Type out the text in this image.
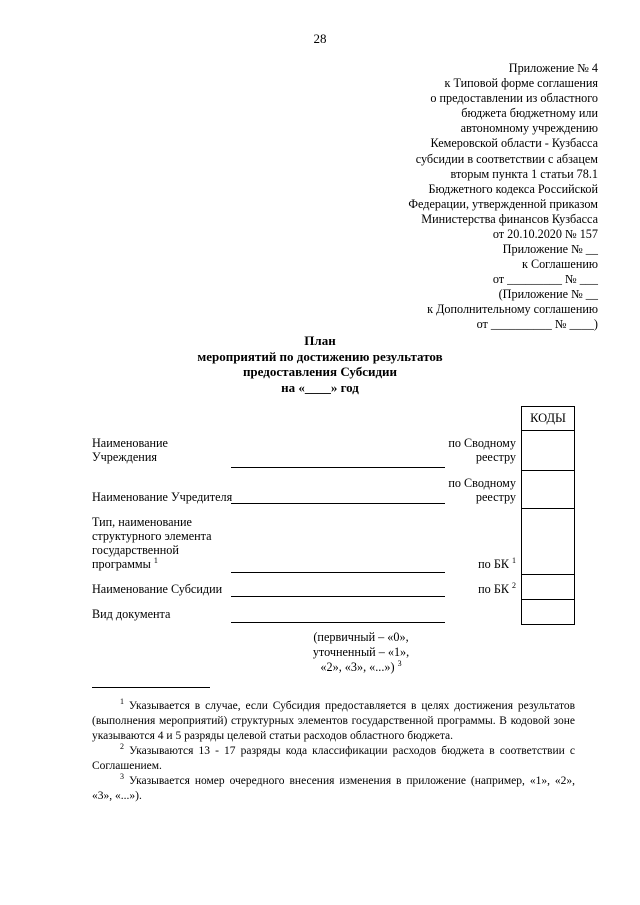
28
Приложение № 4
к Типовой форме соглашения
о предоставлении из областного
бюджета бюджетному или
автономному учреждению
Кемеровской области - Кузбасса
субсидии в соответствии с абзацем
вторым пункта 1 статьи 78.1
Бюджетного кодекса Российской
Федерации, утвержденной приказом
Министерства финансов Кузбасса
от 20.10.2020 № 157
Приложение № __
к Соглашению
от _________ № ___
(Приложение № __
к Дополнительному соглашению
от __________ № ____)
План
мероприятий по достижению результатов
предоставления Субсидии
на «____» год
КОДЫ
Наименование
Учреждения
по Сводному
реестру
Наименование Учредителя
по Сводному
реестру
Тип, наименование
структурного элемента
государственной
программы $^1$	по БК $^1$
Наименование Субсидии	по БК $^2$
Вид документа
(первичный – «0», уточненный – «1»,
«2», «3», «...») $^3$
$^1$ Указывается в случае, если Субсидия предоставляется в целях достижения результатов (выполнения мероприятий) структурных элементов государственной программы. В кодовой зоне указываются 4 и 5 разряды целевой статьи расходов областного бюджета.
$^2$ Указываются 13 - 17 разряды кода классификации расходов бюджета в соответствии с Соглашением.
$^3$ Указывается номер очередного внесения изменения в приложение (например, «1», «2», «3», «...»).
